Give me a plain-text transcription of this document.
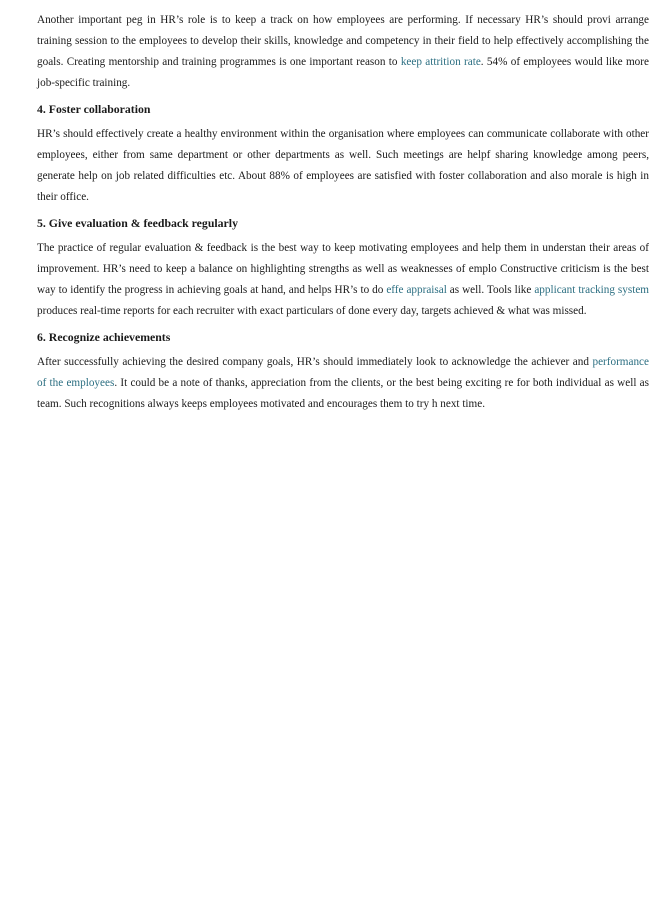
Another important peg in HR’s role is to keep a track on how employees are performing. If necessary HR’s should provi arrange training session to the employees to develop their skills, knowledge and competency in their field to help effectively accomplishing the goals. Creating mentorship and training programmes is one important reason to keep attrition rate. 54% of employees would like more job-specific training.

4. Foster collaboration

HR’s should effectively create a healthy environment within the organisation where employees can communicate collaborate with other employees, either from same department or other departments as well. Such meetings are helpf sharing knowledge among peers, generate help on job related difficulties etc. About 88% of employees are satisfied with foster collaboration and also morale is high in their office.

5. Give evaluation & feedback regularly

The practice of regular evaluation & feedback is the best way to keep motivating employees and help them in understan their areas of improvement. HR’s need to keep a balance on highlighting strengths as well as weaknesses of emplo Constructive criticism is the best way to identify the progress in achieving goals at hand, and helps HR’s to do effe appraisal as well. Tools like applicant tracking system produces real-time reports for each recruiter with exact particulars of done every day, targets achieved & what was missed.

6. Recognize achievements

After successfully achieving the desired company goals, HR’s should immediately look to acknowledge the achiever and performance of the employees. It could be a note of thanks, appreciation from the clients, or the best being exciting re for both individual as well as team. Such recognitions always keeps employees motivated and encourages them to try h next time.
